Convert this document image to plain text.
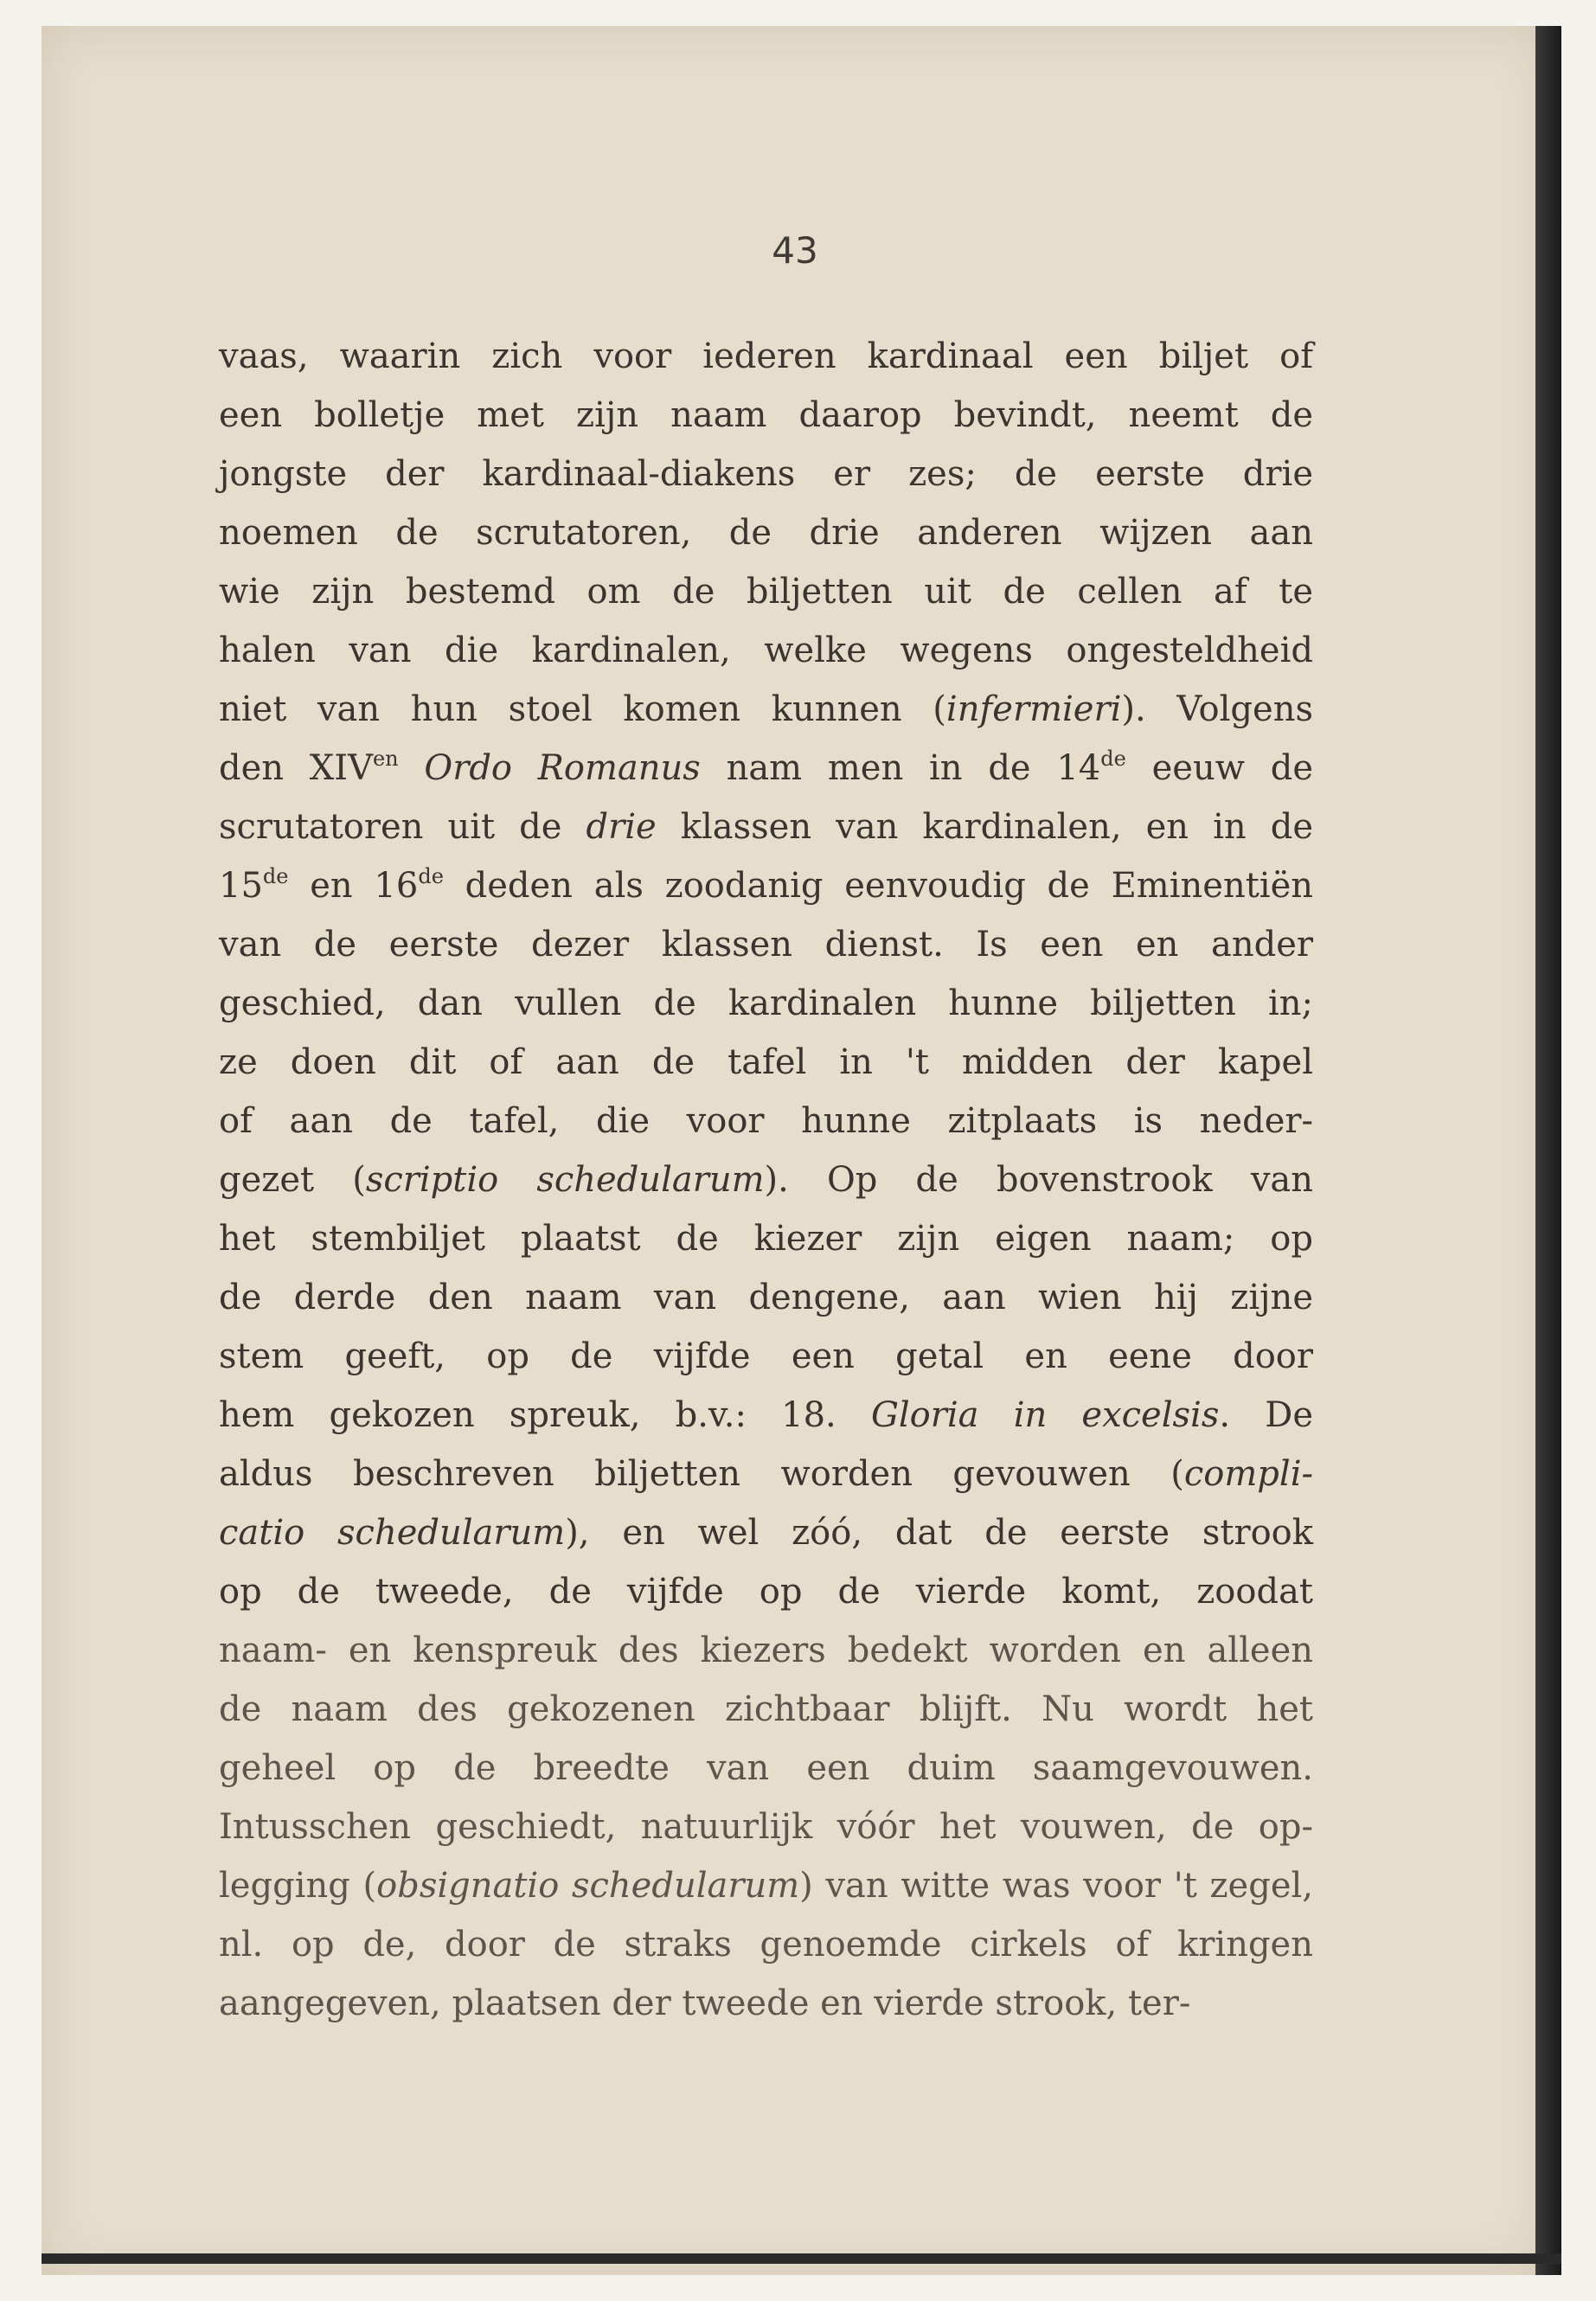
43
vaas, waarin zich voor iederen kardinaal een biljet of
een bolletje met zijn naam daarop bevindt, neemt de
jongste der kardinaal-diakens er zes; de eerste drie
noemen de scrutatoren, de drie anderen wijzen aan
wie zijn bestemd om de biljetten uit de cellen af te
halen van die kardinalen, welke wegens ongesteldheid
niet van hun stoel komen kunnen (infermieri). Volgens
den $XIV^{en}$ Ordo Romanus nam men in de 14de eeuw de
scrutatoren uit de drie klassen van kardinalen, en in de
15de en 16de deden als zoodanig eenvoudig de Eminentiën
van de eerste dezer klassen dienst. Is een en ander
geschied, dan vullen de kardinalen hunne biljetten in;
ze doen dit of aan de tafel in 't midden der kapel
of aan de tafel, die voor hunne zitplaats is neder-
gezet (scriptio schedularum). Op de bovenstrook van
het stembiljet plaatst de kiezer zijn eigen naam; op
de derde den naam van dengene, aan wien hij zijne
stem geeft, op de vijfde een getal en eene door
hem gekozen spreuk, b.v.: 18. Gloria in excelsis. De
aldus beschreven biljetten worden gevouwen (compli-
catio schedularum), en wel zóó, dat de eerste strook
op de tweede, de vijfde op de vierde komt, zoodat
naam- en kenspreuk des kiezers bedekt worden en alleen
de naam des gekozenen zichtbaar blijft. Nu wordt het
geheel op de breedte van een duim saamgevouwen.
Intusschen geschiedt, natuurlijk vóór het vouwen, de op-
legging (obsignatio schedularum) van witte was voor 't zegel,
nl. op de, door de straks genoemde cirkels of kringen
aangegeven, plaatsen der tweede en vierde strook, ter-
